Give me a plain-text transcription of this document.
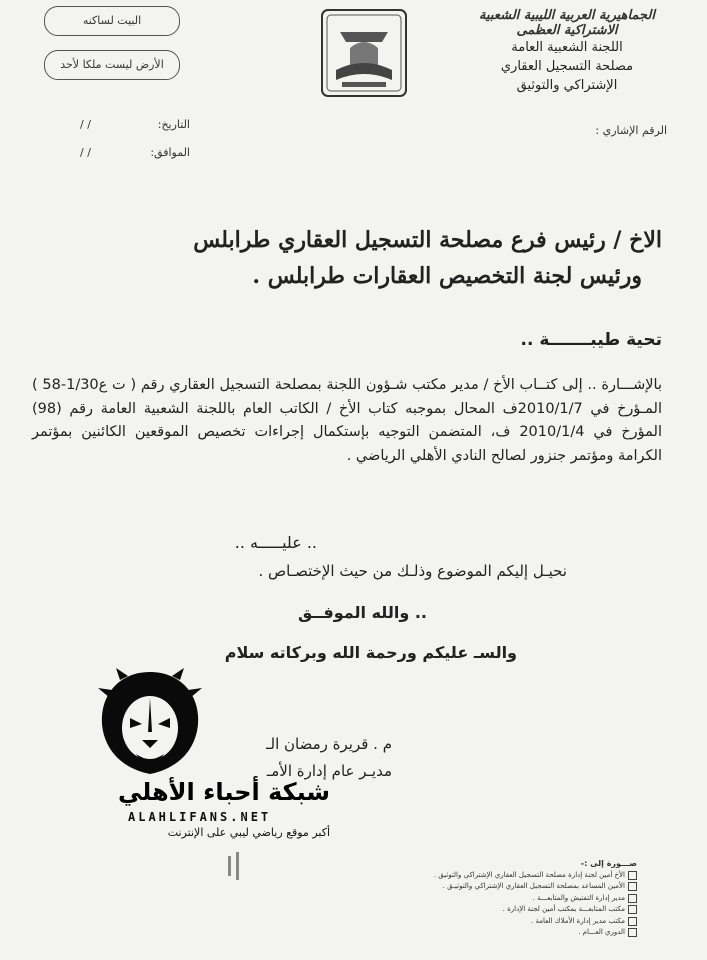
الجماهيرية العربية الليبية الشعبية الاشتراكية العظمى
اللجنة الشعبية العامة
مصلحة التسجيل العقاري
الإشتراكي والتوثيق
البيت لساكنه
الأرض ليست ملكا لأحد
الرقم الإشاري :
التاريخ:
/ /
الموافق:
/ /
الاخ / رئيس فرع مصلحة التسجيل العقاري طرابلس
ورئيس لجنة التخصيص العقارات طرابلس .
تحية طيبـــــــة ..
بالإشـــارة .. إلى كتــاب الأخ / مدير مكتب شـؤون اللجنة بمصلحة التسجيل العقاري رقم ( ت ع1/30-58 ) المـؤرخ في 2010/1/7ف المحال بموجبه كتاب الأخ / الكاتب العام باللجنة الشعبية العامة رقم (98) المؤرخ في 2010/1/4 ف، المتضمن التوجيه بإستكمال إجراءات تخصيص الموقعين الكائنين بمؤتمر الكرامة ومؤتمر جنزور لصالح النادي الأهلي الرياضي .
.. عليـــــه ..
نحيـل إليكم الموضوع وذلـك من حيث الإختصـاص .
.. والله الموفــق
والسـ عليكم ورحمة الله وبركاته سلام
م . قريرة رمضان الـ
مديـر عام إدارة الأمـ
شبكة أحباء الأهلي
ALAHLIFANS.NET
أكبر موقع رياضي ليبي على الإنترنت
صـــورة إلى :-
الأخ أمين لجنة إدارة مصلحة التسجيل العقاري الإشتراكي والتوثيق .
الأمين المساعد بمصلحة التسجيل العقاري الإشتراكي والتوثيـق .
مدير إدارة التفتيش والمتابعـــة .
مكتب المتابعـــة بمكتب أمين لجنة الإدارة .
مكتب مدير إدارة الأملاك العامة .
الدوري العـــام .
